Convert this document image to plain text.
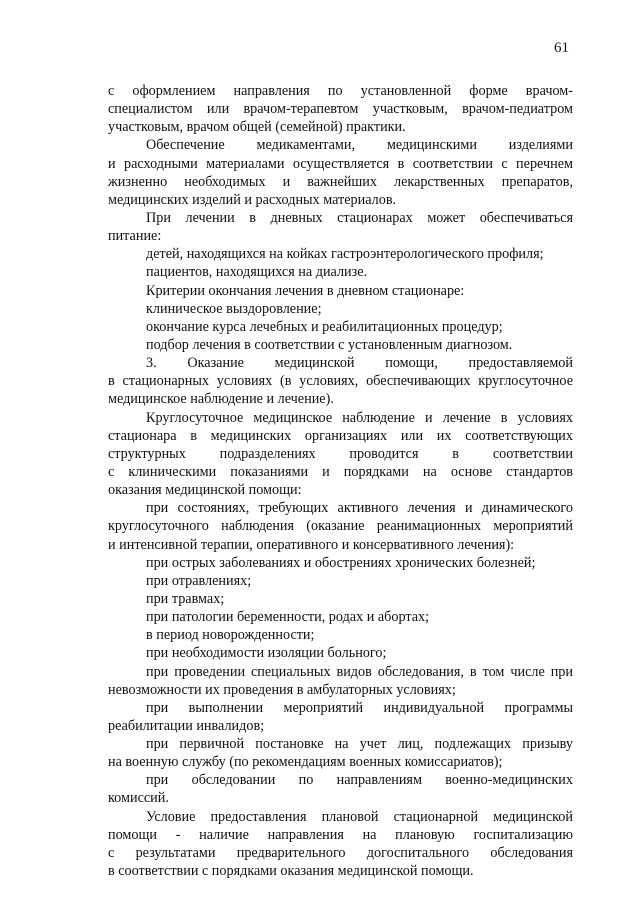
61
с оформлением направления по установленной форме врачом-
специалистом или врачом-терапевтом участковым, врачом-педиатром
участковым, врачом общей (семейной) практики.
Обеспечение медикаментами, медицинскими изделиями
и расходными материалами осуществляется в соответствии с перечнем
жизненно необходимых и важнейших лекарственных препаратов,
медицинских изделий и расходных материалов.
При лечении в дневных стационарах может обеспечиваться
питание:
детей, находящихся на койках гастроэнтерологического профиля;
пациентов, находящихся на диализе.
Критерии окончания лечения в дневном стационаре:
клиническое выздоровление;
окончание курса лечебных и реабилитационных процедур;
подбор лечения в соответствии с установленным диагнозом.
3. Оказание медицинской помощи, предоставляемой
в стационарных условиях (в условиях, обеспечивающих круглосуточное
медицинское наблюдение и лечение).
Круглосуточное медицинское наблюдение и лечение в условиях
стационара в медицинских организациях или их соответствующих
структурных подразделениях проводится в соответствии
с клиническими показаниями и порядками на основе стандартов
оказания медицинской помощи:
при состояниях, требующих активного лечения и динамического
круглосуточного наблюдения (оказание реанимационных мероприятий
и интенсивной терапии, оперативного и консервативного лечения):
при острых заболеваниях и обострениях хронических болезней;
при отравлениях;
при травмах;
при патологии беременности, родах и абортах;
в период новорожденности;
при необходимости изоляции больного;
при проведении специальных видов обследования, в том числе при
невозможности их проведения в амбулаторных условиях;
при выполнении мероприятий индивидуальной программы
реабилитации инвалидов;
при первичной постановке на учет лиц, подлежащих призыву
на военную службу (по рекомендациям военных комиссариатов);
при обследовании по направлениям военно-медицинских
комиссий.
Условие предоставления плановой стационарной медицинской
помощи - наличие направления на плановую госпитализацию
с результатами предварительного догоспитального обследования
в соответствии с порядками оказания медицинской помощи.
